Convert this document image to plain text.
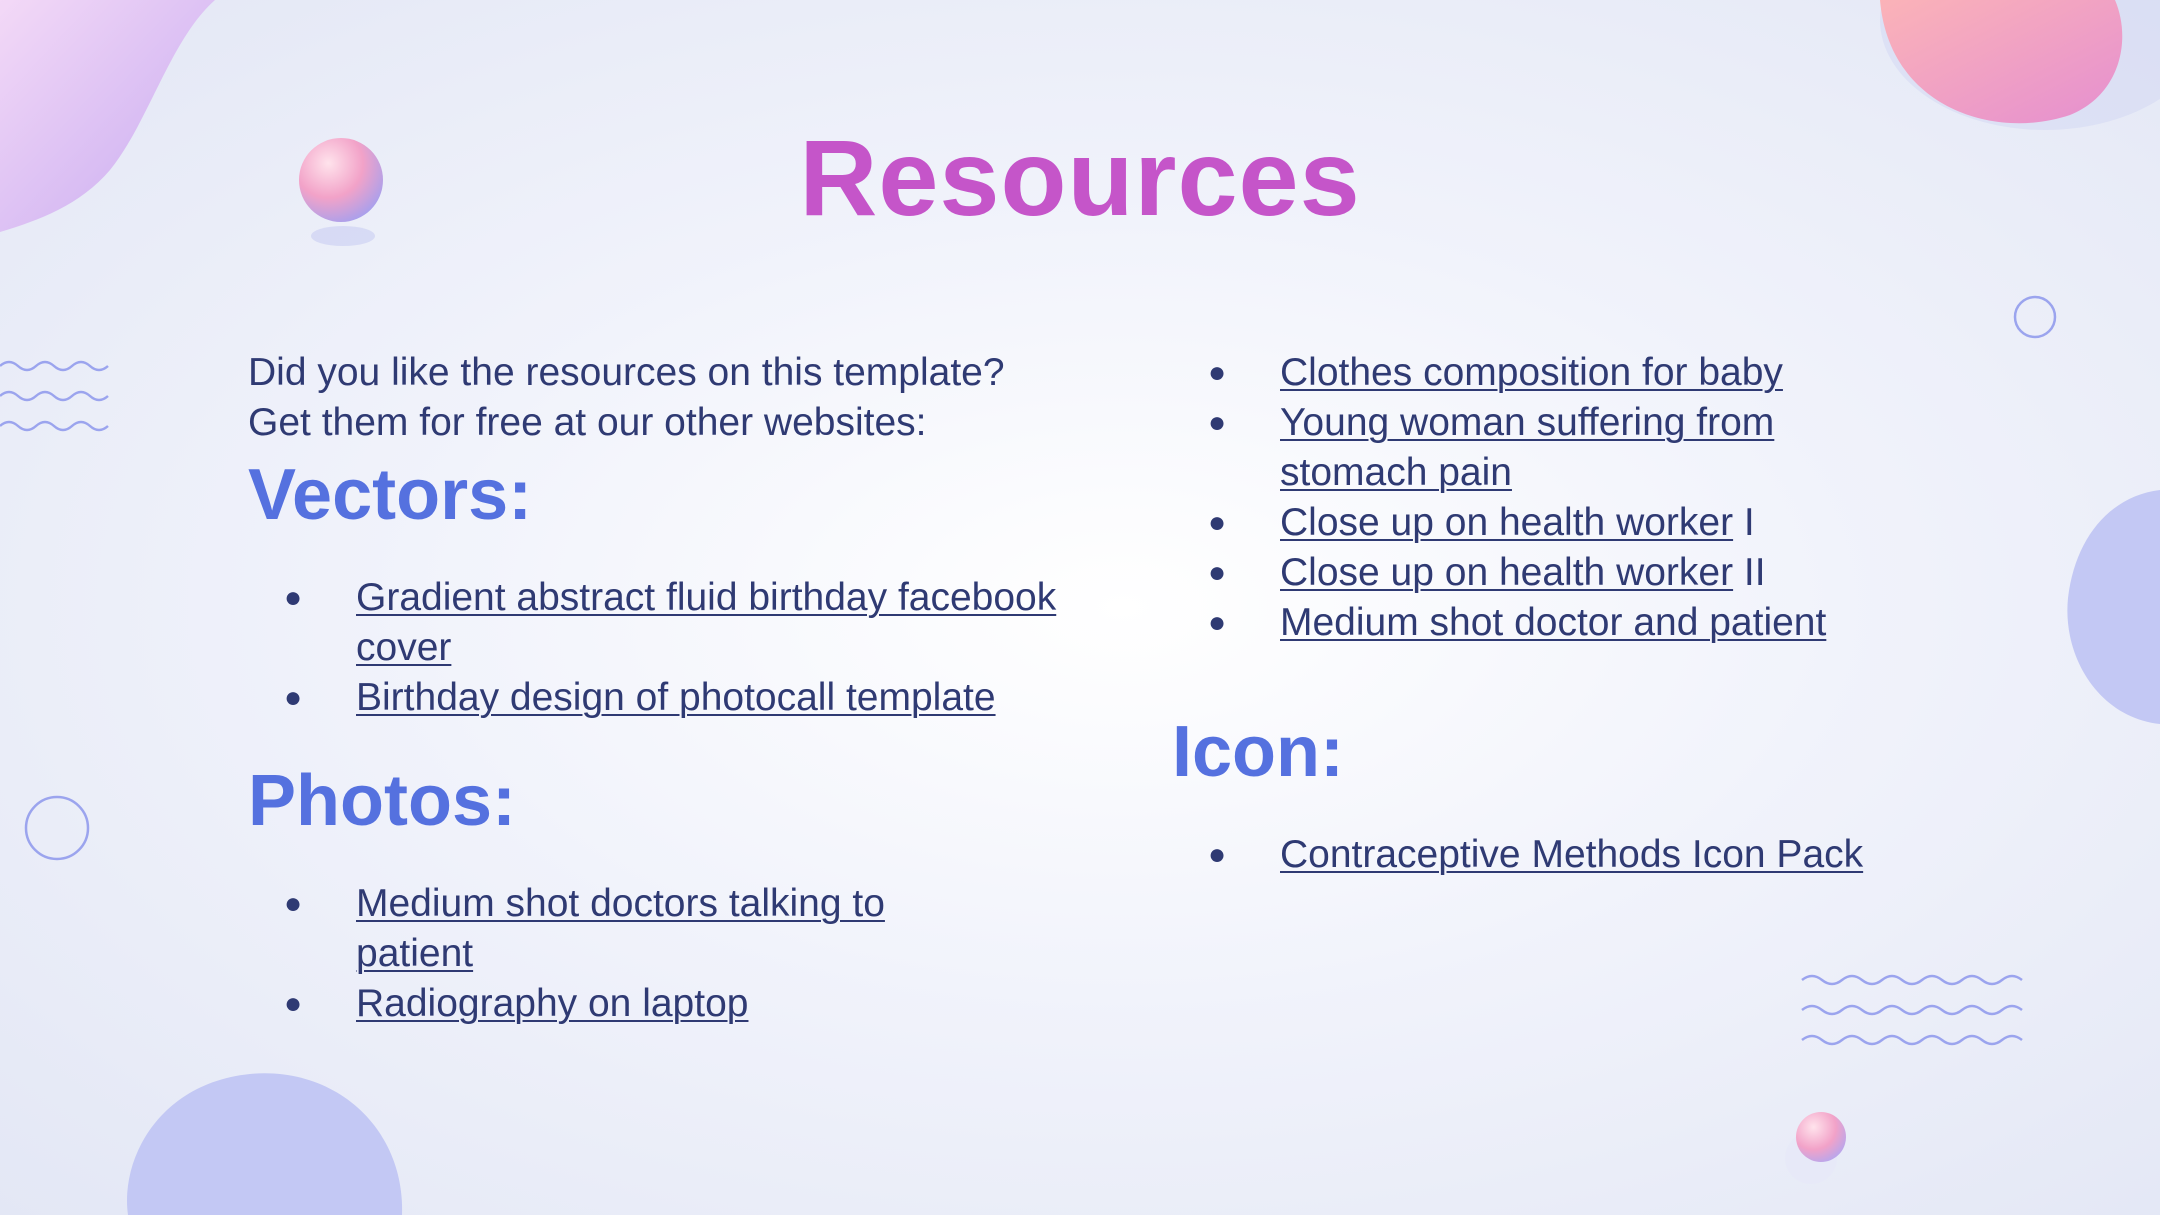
Resources

Did you like the resources on this template? Get them for free at our other websites:

Vectors:
● Gradient abstract fluid birthday facebook cover
● Birthday design of photocall template
Photos:
● Medium shot doctors talking to patient
● Radiography on laptop
● Clothes composition for baby
● Young woman suffering from stomach pain
● Close up on health worker I
● Close up on health worker II
● Medium shot doctor and patient
Icon:
● Contraceptive Methods Icon Pack
